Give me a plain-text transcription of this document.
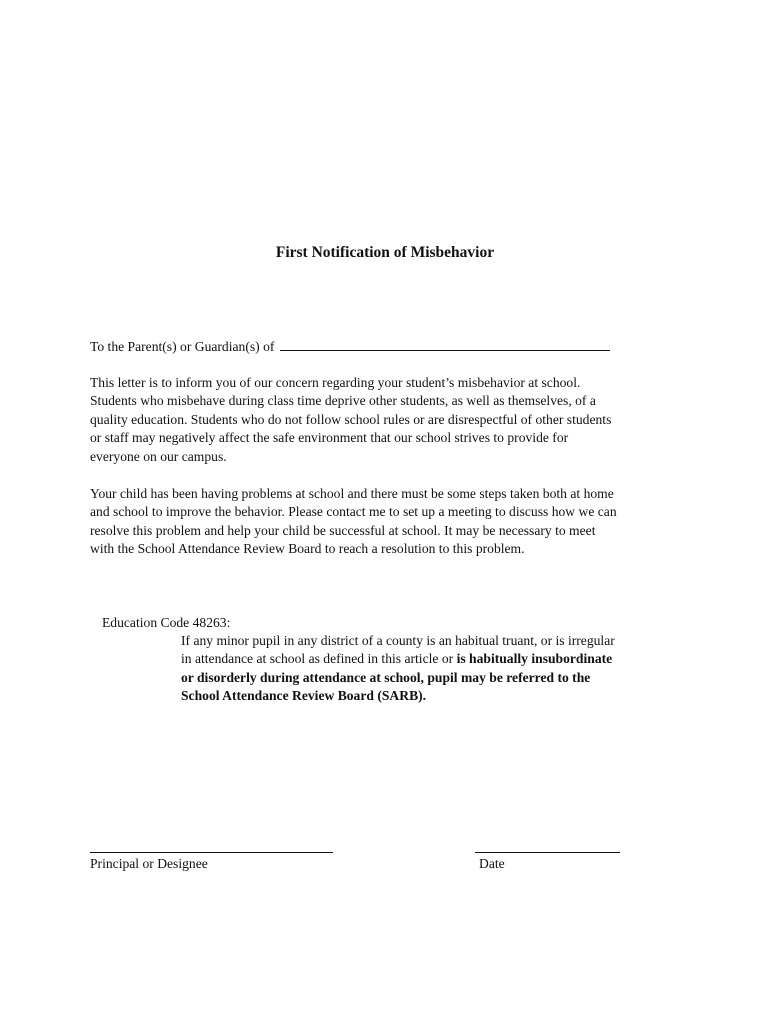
First Notification of Misbehavior
To the Parent(s) or Guardian(s) of
This letter is to inform you of our concern regarding your student’s misbehavior at school.
Students who misbehave during class time deprive other students, as well as themselves, of a
quality education. Students who do not follow school rules or are disrespectful of other students
or staff may negatively affect the safe environment that our school strives to provide for
everyone on our campus.
Your child has been having problems at school and there must be some steps taken both at home
and school to improve the behavior. Please contact me to set up a meeting to discuss how we can
resolve this problem and help your child be successful at school. It may be necessary to meet
with the School Attendance Review Board to reach a resolution to this problem.
Education Code 48263:
If any minor pupil in any district of a county is an habitual truant, or is irregular
in attendance at school as defined in this article or is habitually insubordinate
or disorderly during attendance at school, pupil may be referred to the
School Attendance Review Board (SARB).
Principal or Designee	Date
